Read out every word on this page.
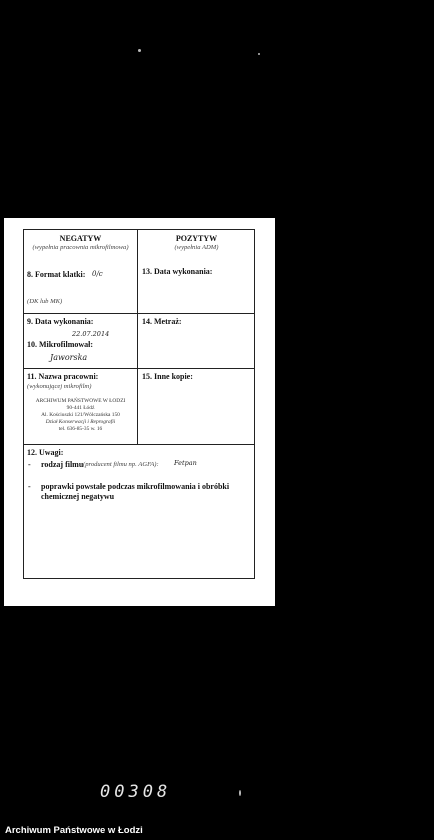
NEGATYW
(wypełnia pracownia mikrofilmowa)
POZYTYW
(wypełnia ADM)
8. Format klatki: 0/c
(DK lub MK)
13. Data wykonania:
9. Data wykonania:
22.07.2014
10. Mikrofilmował:
Jaworska
14. Metraż:
11. Nazwa pracowni:
(wykonującej mikrofilm)
ARCHIWUM PAŃSTWOWE W ŁODZI
90-441 Łódź
Al. Kościuszki 121/Wólczańska 150
Dział Konserwacji i Reprografii
tel. 636-85-35 w. 16
15. Inne kopie:
12. Uwagi:
- rodzaj filmu (producent filmu np. AGFA): Fetpan
- poprawki powstałe podczas mikrofilmowania i obróbki
chemicznej negatywu
00308
Archiwum Państwowe w Łodzi
